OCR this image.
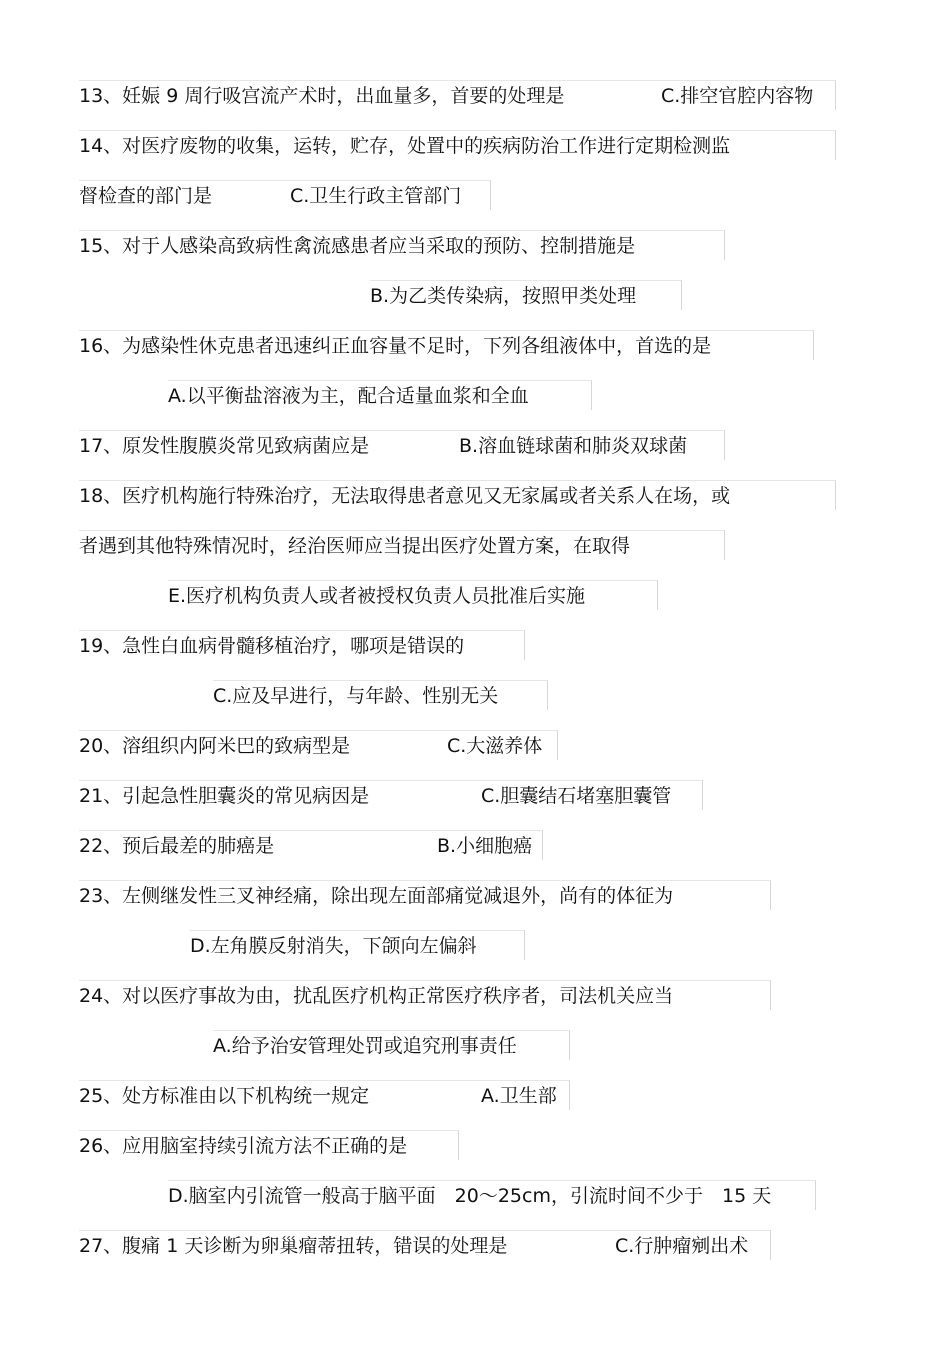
13、妊娠 9 周行吸宫流产术时，出血量多，首要的处理是	C.排空官腔内容物
14、对医疗废物的收集，运转，贮存，处置中的疾病防治工作进行定期检测监
督检查的部门是	C.卫生行政主管部门
15、对于人感染高致病性禽流感患者应当采取的预防、控制措施是
B.为乙类传染病，按照甲类处理
16、为感染性休克患者迅速纠正血容量不足时，下列各组液体中，首选的是
A.以平衡盐溶液为主，配合适量血浆和全血
17、原发性腹膜炎常见致病菌应是	B.溶血链球菌和肺炎双球菌
18、医疗机构施行特殊治疗，无法取得患者意见又无家属或者关系人在场，或
者遇到其他特殊情况时，经治医师应当提出医疗处置方案，在取得
E.医疗机构负责人或者被授权负责人员批准后实施
19、急性白血病骨髓移植治疗，哪项是错误的
C.应及早进行，与年龄、性别无关
20、溶组织内阿米巴的致病型是	C.大滋养体
21、引起急性胆囊炎的常见病因是	C.胆囊结石堵塞胆囊管
22、预后最差的肺癌是	B.小细胞癌
23、左侧继发性三叉神经痛，除出现左面部痛觉减退外，尚有的体征为
D.左角膜反射消失，下颌向左偏斜
24、对以医疗事故为由，扰乱医疗机构正常医疗秩序者，司法机关应当
A.给予治安管理处罚或追究刑事责任
25、处方标准由以下机构统一规定	A.卫生部
26、应用脑室持续引流方法不正确的是
D.脑室内引流管一般高于脑平面　20～25cm，引流时间不少于　15 天
27、腹痛 1 天诊断为卵巢瘤蒂扭转，错误的处理是	C.行肿瘤剜出术
